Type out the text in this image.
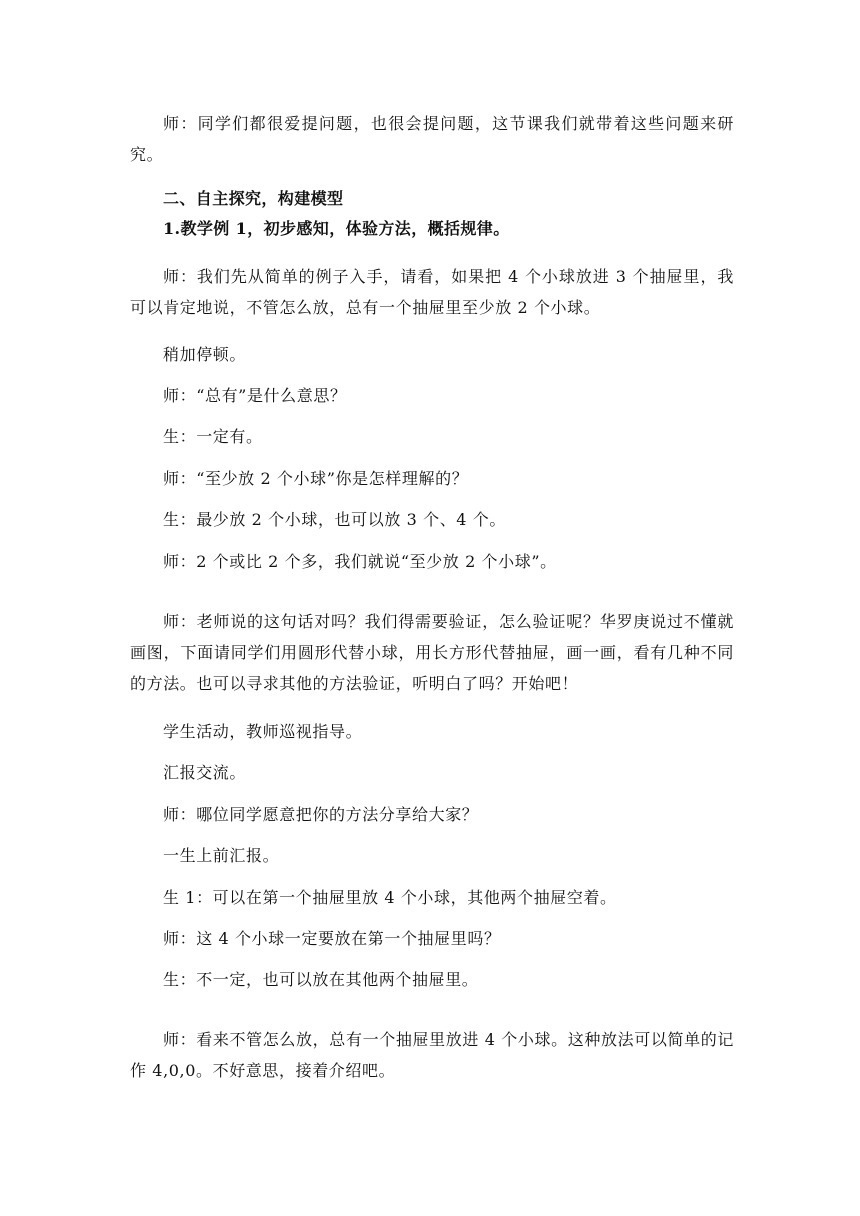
师：同学们都很爱提问题，也很会提问题，这节课我们就带着这些问题来研究。

二、自主探究，构建模型

1.教学例 1，初步感知，体验方法，概括规律。

师：我们先从简单的例子入手，请看，如果把 4 个小球放进 3 个抽屉里，我可以肯定地说，不管怎么放，总有一个抽屉里至少放 2 个小球。

稍加停顿。

师：“总有”是什么意思？

生：一定有。

师：“至少放 2 个小球”你是怎样理解的？

生：最少放 2 个小球，也可以放 3 个、4 个。

师：2 个或比 2 个多，我们就说“至少放 2 个小球”。

师：老师说的这句话对吗？我们得需要验证，怎么验证呢？华罗庚说过不懂就画图，下面请同学们用圆形代替小球，用长方形代替抽屉，画一画，看有几种不同的方法。也可以寻求其他的方法验证，听明白了吗？开始吧！

学生活动，教师巡视指导。

汇报交流。

师：哪位同学愿意把你的方法分享给大家？

一生上前汇报。

生 1：可以在第一个抽屉里放 4 个小球，其他两个抽屉空着。

师：这 4 个小球一定要放在第一个抽屉里吗？

生：不一定，也可以放在其他两个抽屉里。

师：看来不管怎么放，总有一个抽屉里放进 4 个小球。这种放法可以简单的记作 4,0,0。不好意思，接着介绍吧。
